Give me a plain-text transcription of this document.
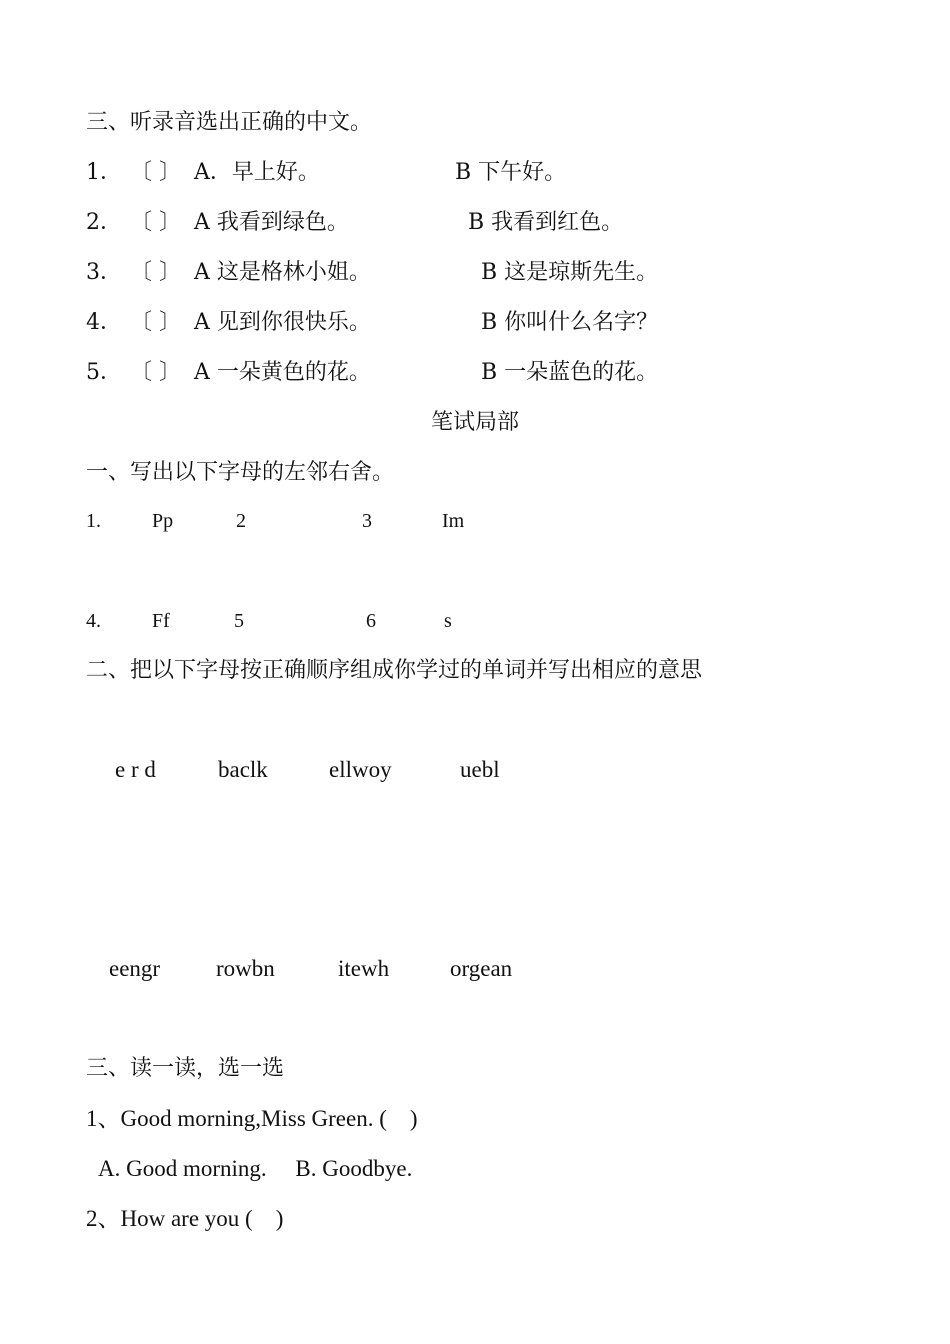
三、听录音选出正确的中文。
1． 〔 〕 A．早上好。	B 下午好。
2． 〔 〕 A 我看到绿色。	B 我看到红色。
3． 〔 〕 A 这是格林小姐。	B 这是琼斯先生。
4． 〔 〕 A 见到你很快乐。	B 你叫什么名字？
5． 〔 〕 A 一朵黄色的花。	B 一朵蓝色的花。
笔试局部
一、写出以下字母的左邻右舍。
1.	Pp	2	3	Im
4.	Ff	5	6	s
二、把以下字母按正确顺序组成你学过的单词并写出相应的意思
e r d	baclk	ellwoy	uebl
eengr rowbn	itewh	orgean
三、读一读，选一选
1、Good morning,Miss Green. (    )
A. Good morning.     B. Goodbye.
2、How are you (    )
